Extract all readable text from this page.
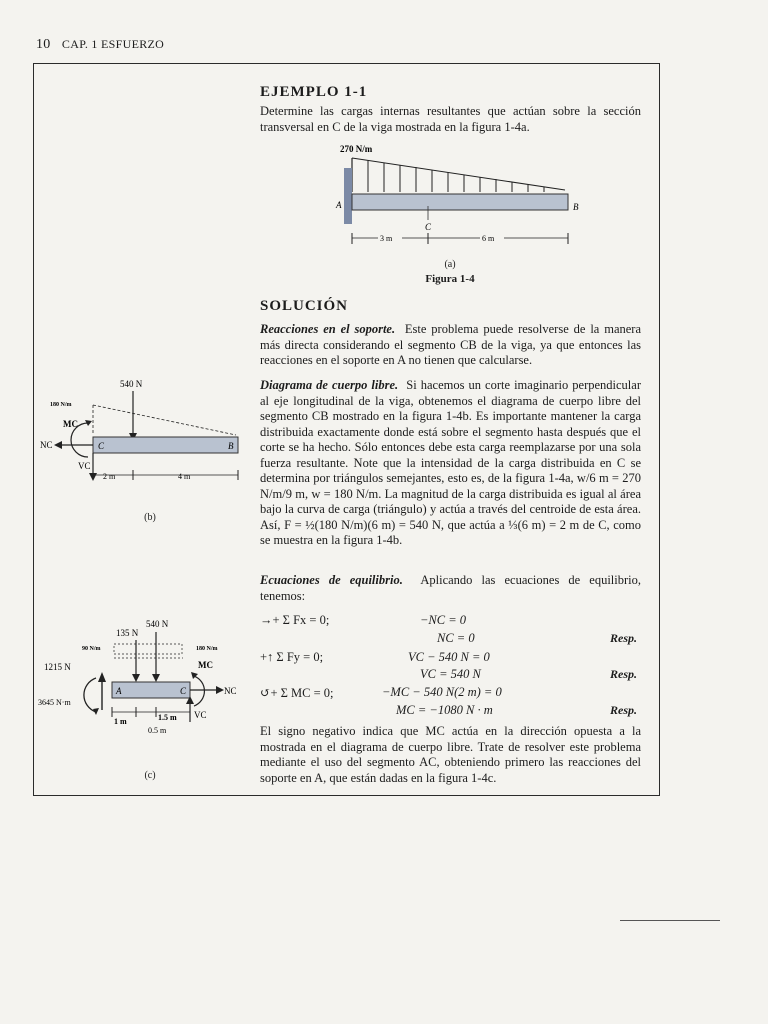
10 CAP. 1 ESFUERZO
EJEMPLO 1-1

Determine las cargas internas resultantes que actúan sobre la sección transversal en C de la viga mostrada en la figura 1-4a.

270 N/m
A	B
C
3 m	6 m
(a)
Figura 1-4
SOLUCIÓN

Reacciones en el soporte. Este problema puede resolverse de la manera más directa considerando el segmento CB de la viga, ya que entonces las reacciones en el soporte en A no tienen que calcularse.

Diagrama de cuerpo libre. Si hacemos un corte imaginario perpendicular al eje longitudinal de la viga, obtenemos el diagrama de cuerpo libre del segmento CB mostrado en la figura 1-4b. Es importante mantener la carga distribuida exactamente donde está sobre el segmento hasta después que el corte se ha hecho. Sólo entonces debe esta carga reemplazarse por una sola fuerza resultante. Note que la intensidad de la carga distribuida en C se determina por triángulos semejantes, esto es, de la figura 1-4a, w/6 m = 270 N/m/9 m, w = 180 N/m. La magnitud de la carga distribuida es igual al área bajo la curva de carga (triángulo) y actúa a través del centroide de esta área. Así, F = ½(180 N/m)(6 m) = 540 N, que actúa a ⅓(6 m) = 2 m de C, como se muestra en la figura 1-4b.

540 N
180 N/m
MC
C	B
NC
VC
2 m	4 m
(b)

Ecuaciones de equilibrio. Aplicando las ecuaciones de equilibrio, tenemos:

→+ Σ Fx = 0;	−NC = 0
NC = 0	Resp.
+↑ Σ Fy = 0;	VC − 540 N = 0
VC = 540 N	Resp.
↺+ Σ MC = 0;	−MC − 540 N(2 m) = 0
MC = −1080 N · m	Resp.

El signo negativo indica que MC actúa en la dirección opuesta a la mostrada en el diagrama de cuerpo libre. Trate de resolver este problema mediante el uso del segmento AC, obteniendo primero las reacciones del soporte en A, que están dadas en la figura 1-4c.

135 N
540 N
90 N/m	180 N/m
1215 N
3645 N·m
A	C
MC
NC
VC
1 m	1.5 m
0.5 m
(c)
